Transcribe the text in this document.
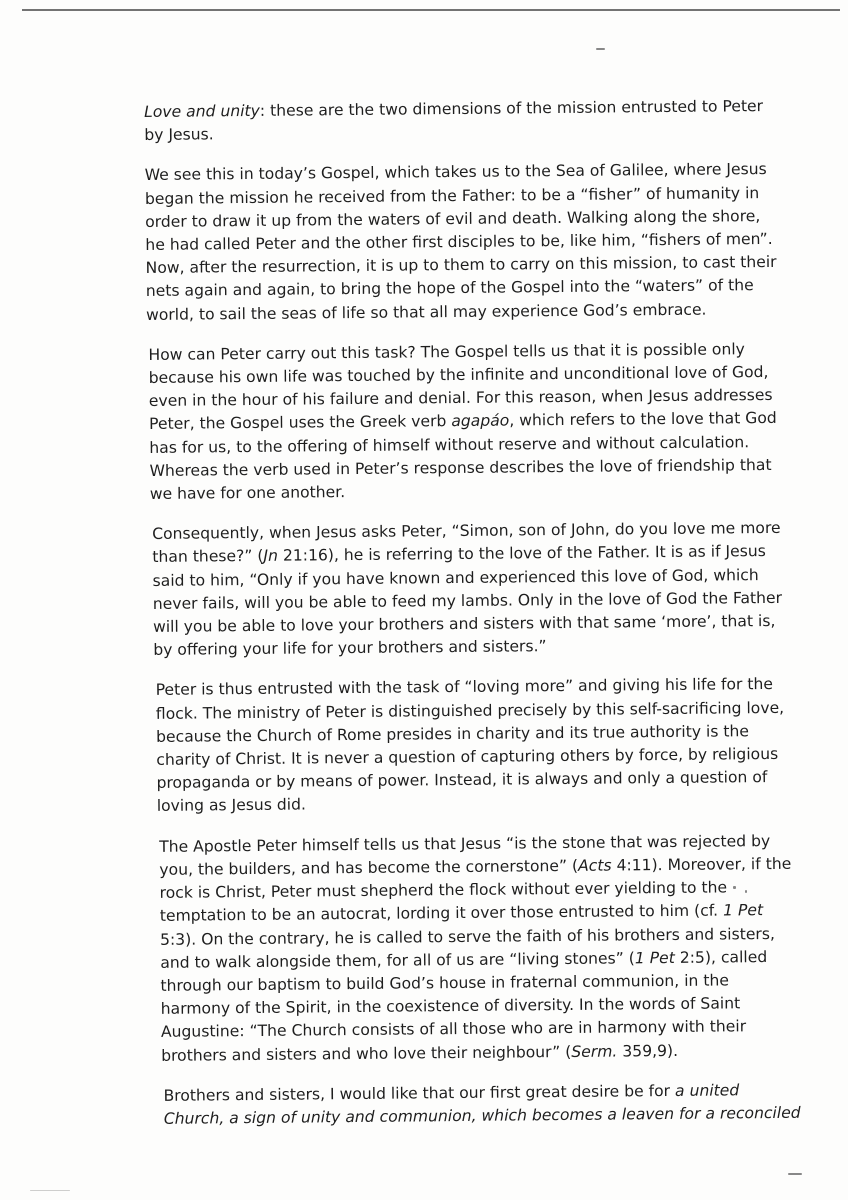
Love and unity: these are the two dimensions of the mission entrusted to Peter
by Jesus.

We see this in today’s Gospel, which takes us to the Sea of Galilee, where Jesus
began the mission he received from the Father: to be a “fisher” of humanity in
order to draw it up from the waters of evil and death. Walking along the shore,
he had called Peter and the other first disciples to be, like him, “fishers of men”.
Now, after the resurrection, it is up to them to carry on this mission, to cast their
nets again and again, to bring the hope of the Gospel into the “waters” of the
world, to sail the seas of life so that all may experience God’s embrace.

How can Peter carry out this task? The Gospel tells us that it is possible only
because his own life was touched by the infinite and unconditional love of God,
even in the hour of his failure and denial. For this reason, when Jesus addresses
Peter, the Gospel uses the Greek verb agapáo, which refers to the love that God
has for us, to the offering of himself without reserve and without calculation.
Whereas the verb used in Peter’s response describes the love of friendship that
we have for one another.

Consequently, when Jesus asks Peter, “Simon, son of John, do you love me more
than these?” (Jn 21:16), he is referring to the love of the Father. It is as if Jesus
said to him, “Only if you have known and experienced this love of God, which
never fails, will you be able to feed my lambs. Only in the love of God the Father
will you be able to love your brothers and sisters with that same ‘more’, that is,
by offering your life for your brothers and sisters.”

Peter is thus entrusted with the task of “loving more” and giving his life for the
flock. The ministry of Peter is distinguished precisely by this self-sacrificing love,
because the Church of Rome presides in charity and its true authority is the
charity of Christ. It is never a question of capturing others by force, by religious
propaganda or by means of power. Instead, it is always and only a question of
loving as Jesus did.

The Apostle Peter himself tells us that Jesus “is the stone that was rejected by
you, the builders, and has become the cornerstone” (Acts 4:11). Moreover, if the
rock is Christ, Peter must shepherd the flock without ever yielding to the
temptation to be an autocrat, lording it over those entrusted to him (cf. 1 Pet
5:3). On the contrary, he is called to serve the faith of his brothers and sisters,
and to walk alongside them, for all of us are “living stones” (1 Pet 2:5), called
through our baptism to build God’s house in fraternal communion, in the
harmony of the Spirit, in the coexistence of diversity. In the words of Saint
Augustine: “The Church consists of all those who are in harmony with their
brothers and sisters and who love their neighbour” (Serm. 359,9).

Brothers and sisters, I would like that our first great desire be for a united
Church, a sign of unity and communion, which becomes a leaven for a reconciled
